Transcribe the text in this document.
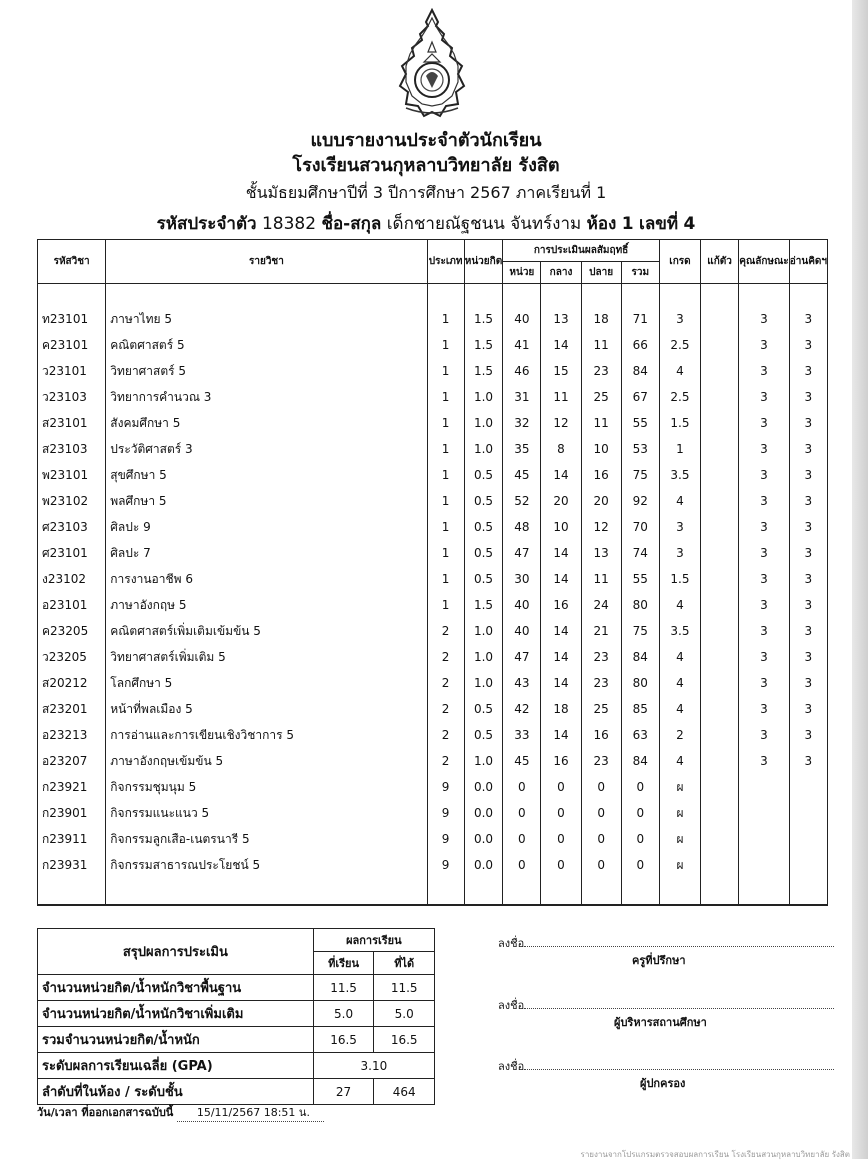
แบบรายงานประจำตัวนักเรียน
โรงเรียนสวนกุหลาบวิทยาลัย รังสิต
ชั้นมัธยมศึกษาปีที่ 3 ปีการศึกษา 2567 ภาคเรียนที่ 1
รหัสประจำตัว 18382 ชื่อ-สกุล เด็กชายณัฐชนน จันทร์งาม ห้อง 1 เลขที่ 4
รหัสวิชา	รายวิชา	ประเภท	หน่วยกิต	การประเมินผลสัมฤทธิ์				เกรด	แก้ตัว	คุณลักษณะ	อ่านคิดฯ
				หน่วย	กลาง	ปลาย	รวม				

ท23101	ภาษาไทย 5	1	1.5	40	13	18	71	3		3	3
ค23101	คณิตศาสตร์ 5	1	1.5	41	14	11	66	2.5		3	3
ว23101	วิทยาศาสตร์ 5	1	1.5	46	15	23	84	4		3	3
ว23103	วิทยาการคำนวณ 3	1	1.0	31	11	25	67	2.5		3	3
ส23101	สังคมศึกษา 5	1	1.0	32	12	11	55	1.5		3	3
ส23103	ประวัติศาสตร์ 3	1	1.0	35	8	10	53	1		3	3
พ23101	สุขศึกษา 5	1	0.5	45	14	16	75	3.5		3	3
พ23102	พลศึกษา 5	1	0.5	52	20	20	92	4		3	3
ศ23103	ศิลปะ 9	1	0.5	48	10	12	70	3		3	3
ศ23101	ศิลปะ 7	1	0.5	47	14	13	74	3		3	3
ง23102	การงานอาชีพ 6	1	0.5	30	14	11	55	1.5		3	3
อ23101	ภาษาอังกฤษ 5	1	1.5	40	16	24	80	4		3	3
ค23205	คณิตศาสตร์เพิ่มเติมเข้มข้น 5	2	1.0	40	14	21	75	3.5		3	3
ว23205	วิทยาศาสตร์เพิ่มเติม 5	2	1.0	47	14	23	84	4		3	3
ส20212	โลกศึกษา 5	2	1.0	43	14	23	80	4		3	3
ส23201	หน้าที่พลเมือง 5	2	0.5	42	18	25	85	4		3	3
อ23213	การอ่านและการเขียนเชิงวิชาการ 5	2	0.5	33	14	16	63	2		3	3
อ23207	ภาษาอังกฤษเข้มข้น 5	2	1.0	45	16	23	84	4		3	3
ก23921	กิจกรรมชุมนุม 5	9	0.0	0	0	0	0	ผ			
ก23901	กิจกรรมแนะแนว 5	9	0.0	0	0	0	0	ผ			
ก23911	กิจกรรมลูกเสือ-เนตรนารี 5	9	0.0	0	0	0	0	ผ			
ก23931	กิจกรรมสาธารณประโยชน์ 5	9	0.0	0	0	0	0	ผ			

สรุปผลการประเมิน	ผลการเรียน	
	ที่เรียน	ที่ได้
จำนวนหน่วยกิต/น้ำหนักวิชาพื้นฐาน	11.5	11.5
จำนวนหน่วยกิต/น้ำหนักวิชาเพิ่มเติม	5.0	5.0
รวมจำนวนหน่วยกิต/น้ำหนัก	16.5	16.5
ระดับผลการเรียนเฉลี่ย (GPA)	3.10	
ลำดับที่ในห้อง / ระดับชั้น	27	464
ลงชื่อ
ครูที่ปรึกษา
ลงชื่อ
ผู้บริหารสถานศึกษา
ลงชื่อ
ผู้ปกครอง
วัน/เวลา ที่ออกเอกสารฉบับนี้ 15/11/2567 18:51 น.
รายงานจากโปรแกรมตรวจสอบผลการเรียน โรงเรียนสวนกุหลาบวิทยาลัย รังสิต
